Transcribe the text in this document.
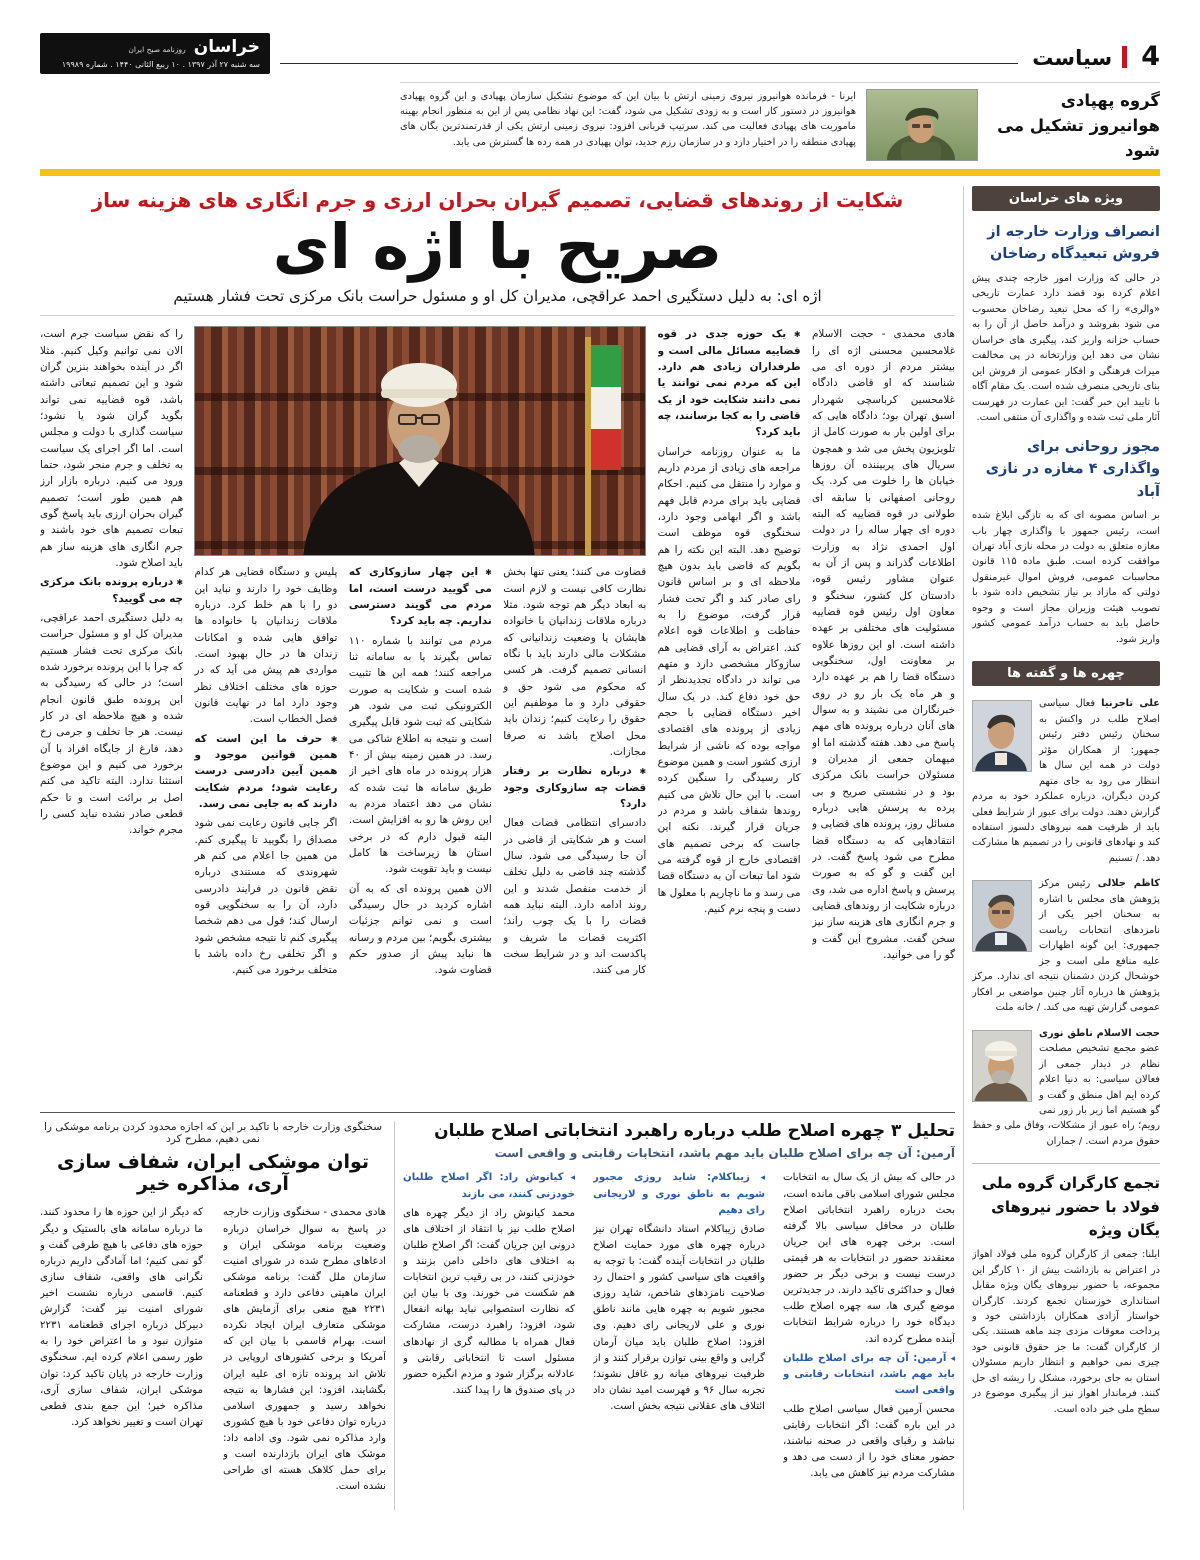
4
سیاست
خراسان
روزنامه صبح ایران
سه شنبه ۲۷ آذر ۱۳۹۷ . ۱۰ ربیع الثانی ۱۴۴۰ . شماره ۱۹۹۸۹
گروه پهپادی هوانیروز تشکیل می شود

ایرنا - فرمانده هوانیروز نیروی زمینی ارتش با بیان این که موضوع تشکیل سازمان پهپادی و این گروه پهپادی هوانیروز در دستور کار است و به زودی تشکیل می شود، گفت: این نهاد نظامی پس از این به منظور انجام بهینه ماموریت های پهپادی فعالیت می کند. سرتیپ قربانی افزود: نیروی زمینی ارتش یکی از قدرتمندترین یگان های پهپادی منطقه را در اختیار دارد و در سازمان رزم جدید، توان پهپادی در همه رده ها گسترش می یابد.

ویژه های خراسان
انصراف وزارت خارجه از فروش تبعیدگاه رضاخان
در حالی که وزارت امور خارجه چندی پیش اعلام کرده بود قصد دارد عمارت تاریخی «والری» را که محل تبعید رضاخان محسوب می شود بفروشد و درآمد حاصل از آن را به حساب خزانه واریز کند، پیگیری های خراسان نشان می دهد این وزارتخانه در پی مخالفت میراث فرهنگی و افکار عمومی از فروش این بنای تاریخی منصرف شده است. یک مقام آگاه با تایید این خبر گفت: این عمارت در فهرست آثار ملی ثبت شده و واگذاری آن منتفی است.
مجوز روحانی برای واگذاری ۴ مغازه در نازی آباد
بر اساس مصوبه ای که به تازگی ابلاغ شده است، رئیس جمهور با واگذاری چهار باب مغازه متعلق به دولت در محله نازی آباد تهران موافقت کرده است. طبق ماده ۱۱۵ قانون محاسبات عمومی، فروش اموال غیرمنقول دولتی که مازاد بر نیاز تشخیص داده شود با تصویب هیئت وزیران مجاز است و وجوه حاصل باید به حساب درآمد عمومی کشور واریز شود.
چهره ها و گفته ها
علی تاجرنیا فعال سیاسی اصلاح طلب در واکنش به سخنان رئیس دفتر رئیس جمهور: از همکاران مؤثر دولت در همه این سال ها انتظار می رود به جای متهم کردن دیگران، درباره عملکرد خود به مردم گزارش دهند. دولت برای عبور از شرایط فعلی باید از ظرفیت همه نیروهای دلسوز استفاده کند و نهادهای قانونی را در تصمیم ها مشارکت دهد. / تسنیم
کاظم جلالی رئیس مرکز پژوهش های مجلس با اشاره به سخنان اخیر یکی از نامزدهای انتخابات ریاست جمهوری: این گونه اظهارات علیه منافع ملی است و جز خوشحال کردن دشمنان نتیجه ای ندارد. مرکز پژوهش ها درباره آثار چنین مواضعی بر افکار عمومی گزارش تهیه می کند. / خانه ملت
حجت الاسلام ناطق نوری عضو مجمع تشخیص مصلحت نظام در دیدار جمعی از فعالان سیاسی: به دنیا اعلام کرده ایم اهل منطق و گفت و گو هستیم اما زیر بار زور نمی رویم؛ راه عبور از مشکلات، وفاق ملی و حفظ حقوق مردم است. / جماران
تجمع کارگران گروه ملی فولاد با حضور نیروهای یگان ویژه
ایلنا: جمعی از کارگران گروه ملی فولاد اهواز در اعتراض به بازداشت بیش از ۱۰ کارگر این مجموعه، با حضور نیروهای یگان ویژه مقابل استانداری خوزستان تجمع کردند. کارگران خواستار آزادی همکاران بازداشتی خود و پرداخت معوقات مزدی چند ماهه هستند. یکی از کارگران گفت: ما جز حقوق قانونی خود چیزی نمی خواهیم و انتظار داریم مسئولان استان به جای برخورد، مشکل را ریشه ای حل کنند. فرماندار اهواز نیز از پیگیری موضوع در سطح ملی خبر داده است.
شکایت از روندهای قضایی، تصمیم گیران بحران ارزی و جرم انگاری های هزینه ساز
صریح با اژه ای
اژه ای: به دلیل دستگیری احمد عراقچی، مدیران کل او و مسئول حراست بانک مرکزی تحت فشار هستیم
هادی محمدی - حجت الاسلام غلامحسین محسنی اژه ای را بیشتر مردم از دوره ای می شناسند که او قاضی دادگاه غلامحسین کرباسچی شهردار اسبق تهران بود؛ دادگاه هایی که برای اولین بار به صورت کامل از تلویزیون پخش می شد و همچون سریال های پربیننده آن روزها خیابان ها را خلوت می کرد. یک روحانی اصفهانی با سابقه ای طولانی در قوه قضاییه که البته دوره ای چهار ساله را در دولت اول احمدی نژاد به وزارت اطلاعات گذراند و پس از آن به عنوان مشاور رئیس قوه، دادستان کل کشور، سخنگو و معاون اول رئیس قوه قضاییه مسئولیت های مختلفی بر عهده داشته است. او این روزها علاوه بر معاونت اول، سخنگویی دستگاه قضا را هم بر عهده دارد و هر ماه یک بار رو در روی خبرنگاران می نشیند و به سوال های آنان درباره پرونده های مهم پاسخ می دهد. هفته گذشته اما او میهمان جمعی از مدیران و مسئولان حراست بانک مرکزی بود و در نشستی صریح و بی پرده به پرسش هایی درباره مسائل روز، پرونده های قضایی و انتقادهایی که به دستگاه قضا مطرح می شود پاسخ گفت. در این گفت و گو که به صورت پرسش و پاسخ اداره می شد، وی درباره شکایت از روندهای قضایی و جرم انگاری های هزینه ساز نیز سخن گفت. مشروح این گفت و گو را می خوانید.
✱ یک حوزه جدی در قوه قضاییه مسائل مالی است و طرفداران زیادی هم دارد. این که مردم نمی توانند یا نمی دانند شکایت خود از یک قاضی را به کجا برسانند، چه باید کرد؟
ما به عنوان روزنامه خراسان مراجعه های زیادی از مردم داریم و موارد را منتقل می کنیم. احکام قضایی باید برای مردم قابل فهم باشد و اگر ابهامی وجود دارد، سخنگوی قوه موظف است توضیح دهد. البته این نکته را هم بگویم که قاضی باید بدون هیچ ملاحظه ای و بر اساس قانون رای صادر کند و اگر تحت فشار قرار گرفت، موضوع را به حفاظت و اطلاعات قوه اعلام کند. اعتراض به آرای قضایی هم سازوکار مشخصی دارد و متهم می تواند در دادگاه تجدیدنظر از حق خود دفاع کند. در یک سال اخیر دستگاه قضایی با حجم زیادی از پرونده های اقتصادی مواجه بوده که ناشی از شرایط ارزی کشور است و همین موضوع کار رسیدگی را سنگین کرده است. با این حال تلاش می کنیم روندها شفاف باشد و مردم در جریان قرار گیرند. نکته این جاست که برخی تصمیم های اقتصادی خارج از قوه گرفته می شود اما تبعات آن به دستگاه قضا می رسد و ما ناچاریم با معلول ها دست و پنجه نرم کنیم.
قضاوت می کنند؛ یعنی تنها بخش نظارت کافی نیست و لازم است به ابعاد دیگر هم توجه شود. مثلا درباره ملاقات زندانیان با خانواده هایشان یا وضعیت زندانیانی که مشکلات مالی دارند باید با نگاه انسانی تصمیم گرفت. هر کسی که محکوم می شود حق و حقوقی دارد و ما موظفیم این حقوق را رعایت کنیم؛ زندان باید محل اصلاح باشد نه صرفا مجازات.
✱ درباره نظارت بر رفتار قضات چه سازوکاری وجود دارد؟
دادسرای انتظامی قضات فعال است و هر شکایتی از قاضی در آن جا رسیدگی می شود. سال گذشته چند قاضی به دلیل تخلف از خدمت منفصل شدند و این روند ادامه دارد. البته نباید همه قضات را با یک چوب راند؛ اکثریت قضات ما شریف و پاکدست اند و در شرایط سخت کار می کنند.
✱ این چهار سازوکاری که می گویید درست است، اما مردم می گویند دسترسی نداریم. چه باید کرد؟
مردم می توانند با شماره ۱۱۰ تماس بگیرند یا به سامانه ثنا مراجعه کنند؛ همه این ها تثبیت شده است و شکایت به صورت الکترونیکی ثبت می شود. هر شکایتی که ثبت شود قابل پیگیری است و نتیجه به اطلاع شاکی می رسد. در همین زمینه بیش از ۴۰ هزار پرونده در ماه های اخیر از طریق سامانه ها ثبت شده که نشان می دهد اعتماد مردم به این روش ها رو به افزایش است. البته قبول دارم که در برخی استان ها زیرساخت ها کامل نیست و باید تقویت شود.
الان همین پرونده ای که به آن اشاره کردید در حال رسیدگی است و نمی توانم جزئیات بیشتری بگویم؛ بین مردم و رسانه ها نباید پیش از صدور حکم قضاوت شود.
پلیس و دستگاه قضایی هر کدام وظایف خود را دارند و نباید این دو را با هم خلط کرد. درباره ملاقات زندانیان با خانواده ها توافق هایی شده و امکانات زندان ها در حال بهبود است. مواردی هم پیش می آید که در حوزه های مختلف اختلاف نظر وجود دارد اما در نهایت قانون فصل الخطاب است.
✱ حرف ما این است که همین قوانین موجود و همین آیین دادرسی درست رعایت شود؛ مردم شکایت دارند که به جایی نمی رسد.
اگر جایی قانون رعایت نمی شود مصداق را بگویید تا پیگیری کنم. من همین جا اعلام می کنم هر شهروندی که مستندی درباره نقض قانون در فرایند دادرسی دارد، آن را به سخنگویی قوه ارسال کند؛ قول می دهم شخصا پیگیری کنم تا نتیجه مشخص شود و اگر تخلفی رخ داده باشد با متخلف برخورد می کنیم.
را که نقض سیاست جرم است، الان نمی توانیم وکیل کنیم. مثلا اگر در آینده بخواهند بنزین گران شود و این تصمیم تبعاتی داشته باشد، قوه قضاییه نمی تواند بگوید گران شود یا نشود؛ سیاست گذاری با دولت و مجلس است. اما اگر اجرای یک سیاست به تخلف و جرم منجر شود، حتما ورود می کنیم. درباره بازار ارز هم همین طور است؛ تصمیم گیران بحران ارزی باید پاسخ گوی تبعات تصمیم های خود باشند و جرم انگاری های هزینه ساز هم باید اصلاح شود.
✱ درباره پرونده بانک مرکزی چه می گویید؟
به دلیل دستگیری احمد عراقچی، مدیران کل او و مسئول حراست بانک مرکزی تحت فشار هستیم که چرا با این پرونده برخورد شده است؛ در حالی که رسیدگی به این پرونده طبق قانون انجام شده و هیچ ملاحظه ای در کار نیست. هر جا تخلف و جرمی رخ دهد، فارغ از جایگاه افراد با آن برخورد می کنیم و این موضوع استثنا ندارد. البته تاکید می کنم اصل بر برائت است و تا حکم قطعی صادر نشده نباید کسی را مجرم خواند.
تحلیل ۳ چهره اصلاح طلب درباره راهبرد انتخاباتی اصلاح طلبان
آرمین: آن چه برای اصلاح طلبان باید مهم باشد، انتخابات رقابتی و واقعی است
در حالی که بیش از یک سال به انتخابات مجلس شورای اسلامی باقی مانده است، بحث درباره راهبرد انتخاباتی اصلاح طلبان در محافل سیاسی بالا گرفته است. برخی چهره های این جریان معتقدند حضور در انتخابات به هر قیمتی درست نیست و برخی دیگر بر حضور فعال و حداکثری تاکید دارند. در جدیدترین موضع گیری ها، سه چهره اصلاح طلب دیدگاه خود را درباره شرایط انتخابات آینده مطرح کرده اند.
◂ آرمین: آن چه برای اصلاح طلبان باید مهم باشد، انتخابات رقابتی و واقعی است
محسن آرمین فعال سیاسی اصلاح طلب در این باره گفت: اگر انتخابات رقابتی نباشد و رقبای واقعی در صحنه نباشند، حضور معنای خود را از دست می دهد و مشارکت مردم نیز کاهش می یابد.
◂ زیباکلام: شاید روزی مجبور شویم به ناطق نوری و لاریجانی رای دهیم
صادق زیباکلام استاد دانشگاه تهران نیز درباره چهره های مورد حمایت اصلاح طلبان در انتخابات آینده گفت: با توجه به واقعیت های سیاسی کشور و احتمال رد صلاحیت نامزدهای شاخص، شاید روزی مجبور شویم به چهره هایی مانند ناطق نوری و علی لاریجانی رای دهیم. وی افزود: اصلاح طلبان باید میان آرمان گرایی و واقع بینی توازن برقرار کنند و از ظرفیت نیروهای میانه رو غافل نشوند؛ تجربه سال ۹۶ و فهرست امید نشان داد ائتلاف های عقلانی نتیجه بخش است.
◂ کیانوش راد: اگر اصلاح طلبان خودزنی کنند، می بازند
محمد کیانوش راد از دیگر چهره های اصلاح طلب نیز با انتقاد از اختلاف های درونی این جریان گفت: اگر اصلاح طلبان به اختلاف های داخلی دامن بزنند و خودزنی کنند، در بی رقیب ترین انتخابات هم شکست می خورند. وی با بیان این که نظارت استصوابی نباید بهانه انفعال شود، افزود: راهبرد درست، مشارکت فعال همراه با مطالبه گری از نهادهای مسئول است تا انتخاباتی رقابتی و عادلانه برگزار شود و مردم انگیزه حضور در پای صندوق ها را پیدا کنند.
سخنگوی وزارت خارجه با تاکید بر این که اجازه محدود کردن برنامه موشکی را نمی دهیم، مطرح کرد
توان موشکی ایران، شفاف سازی آری، مذاکره خیر
هادی محمدی - سخنگوی وزارت خارجه در پاسخ به سوال خراسان درباره وضعیت برنامه موشکی ایران و ادعاهای مطرح شده در شورای امنیت سازمان ملل گفت: برنامه موشکی ایران ماهیتی دفاعی دارد و قطعنامه ۲۲۳۱ هیچ منعی برای آزمایش های موشکی متعارف ایران ایجاد نکرده است. بهرام قاسمی با بیان این که آمریکا و برخی کشورهای اروپایی در تلاش اند پرونده تازه ای علیه ایران بگشایند، افزود: این فشارها به نتیجه نخواهد رسید و جمهوری اسلامی درباره توان دفاعی خود با هیچ کشوری وارد مذاکره نمی شود. وی ادامه داد: موشک های ایران بازدارنده است و برای حمل کلاهک هسته ای طراحی نشده است.
که دیگر از این حوزه ها را محدود کنند. ما درباره سامانه های بالستیک و دیگر حوزه های دفاعی با هیچ طرفی گفت و گو نمی کنیم؛ اما آمادگی داریم درباره نگرانی های واقعی، شفاف سازی کنیم. قاسمی درباره نشست اخیر شورای امنیت نیز گفت: گزارش دبیرکل درباره اجرای قطعنامه ۲۲۳۱ متوازن نبود و ما اعتراض خود را به طور رسمی اعلام کرده ایم. سخنگوی وزارت خارجه در پایان تاکید کرد: توان موشکی ایران، شفاف سازی آری، مذاکره خیر؛ این جمع بندی قطعی تهران است و تغییر نخواهد کرد.
